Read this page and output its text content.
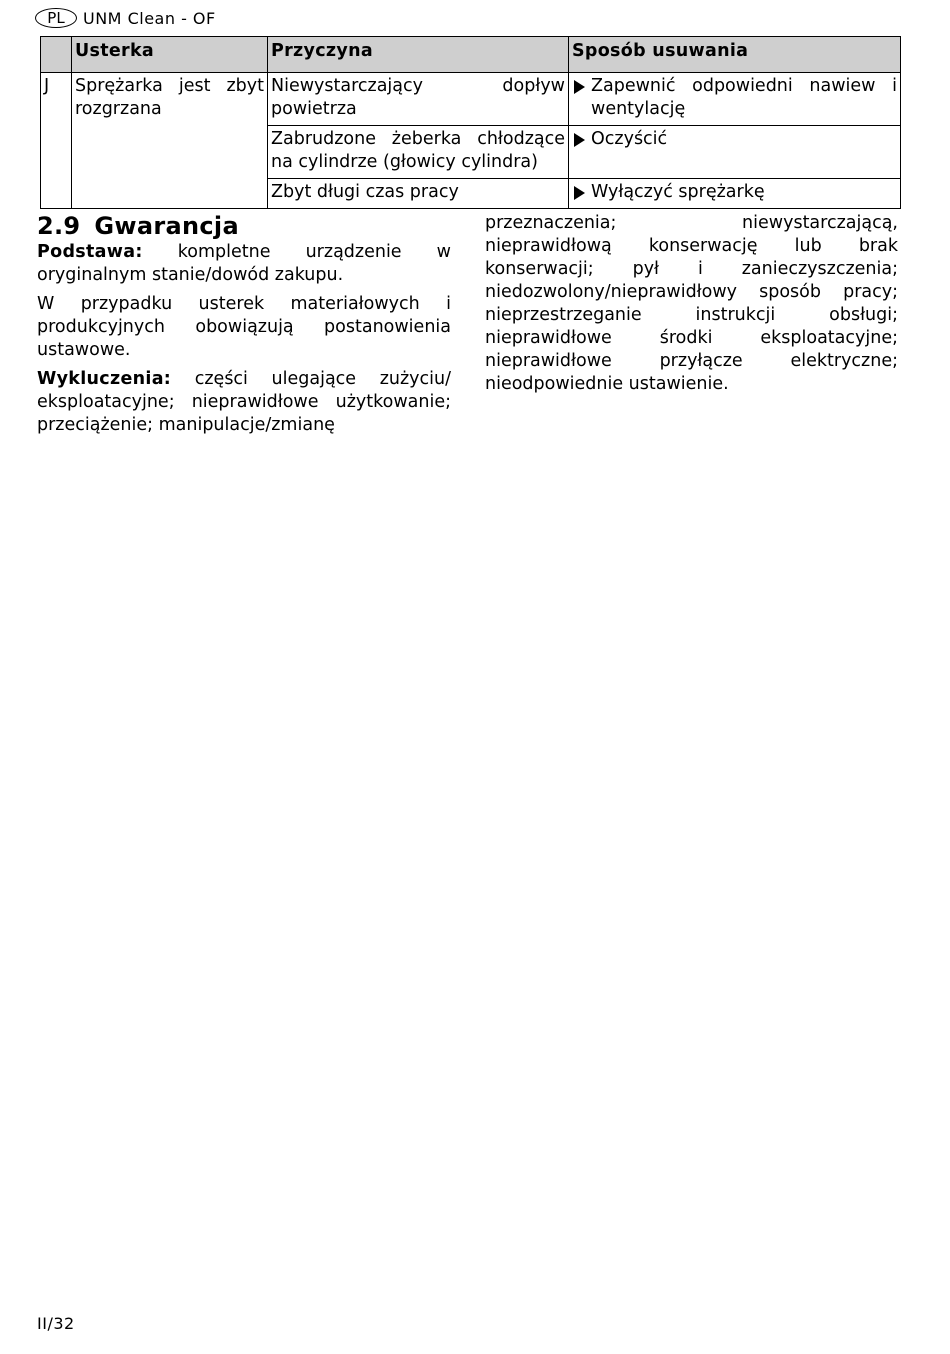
PL	UNM Clean - OF
	Usterka	Przyczyna	Sposób usuwania
J	Sprężarka jest zbyt rozgrzana	Niewystarczający dopływ powietrza	Zapewnić odpowiedni nawiew i wentylację

		Zabrudzone żeberka chłodzące na cylindrze (głowicy cylindra)	Oczyścić

		Zbyt długi czas pracy	Wyłączyć sprężarkę
2.9 Gwarancja

Podstawa: kompletne urządzenie w oryginalnym stanie/dowód zakupu.

W przypadku usterek materiałowych i produkcyjnych obowiązują postanowienia ustawowe.

Wykluczenia: części ulegające zużyciu/ eksploatacyjne; nieprawidłowe użytkowanie; przeciążenie; manipulacje/zmianę

przeznaczenia; niewystarczającą, nieprawidłową konserwację lub brak konserwacji; pył i zanieczyszczenia; niedozwolony/nieprawidłowy sposób pracy; nieprzestrzeganie instrukcji obsługi; nieprawidłowe środki eksploatacyjne; nieprawidłowe przyłącze elektryczne; nieodpowiednie ustawienie.

II/32
